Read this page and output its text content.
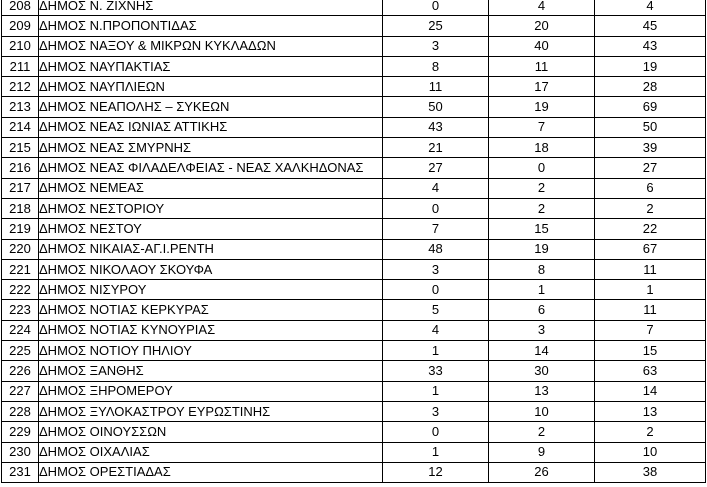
208	ΔΗΜΟΣ Ν. ΖΙΧΝΗΣ	0	4	4
209	ΔΗΜΟΣ Ν.ΠΡΟΠΟΝΤΙΔΑΣ	25	20	45
210	ΔΗΜΟΣ ΝΑΞΟΥ & ΜΙΚΡΩΝ ΚΥΚΛΑΔΩΝ	3	40	43
211	ΔΗΜΟΣ ΝΑΥΠΑΚΤΙΑΣ	8	11	19
212	ΔΗΜΟΣ ΝΑΥΠΛΙΕΩΝ	11	17	28
213	ΔΗΜΟΣ ΝΕΑΠΟΛΗΣ – ΣΥΚΕΩΝ	50	19	69
214	ΔΗΜΟΣ ΝΕΑΣ ΙΩΝΙΑΣ ΑΤΤΙΚΗΣ	43	7	50
215	ΔΗΜΟΣ ΝΕΑΣ ΣΜΥΡΝΗΣ	21	18	39
216	ΔΗΜΟΣ ΝΕΑΣ ΦΙΛΑΔΕΛΦΕΙΑΣ - ΝΕΑΣ ΧΑΛΚΗΔΟΝΑΣ	27	0	27
217	ΔΗΜΟΣ ΝΕΜΕΑΣ	4	2	6
218	ΔΗΜΟΣ ΝΕΣΤΟΡΙΟΥ	0	2	2
219	ΔΗΜΟΣ ΝΕΣΤΟΥ	7	15	22
220	ΔΗΜΟΣ ΝΙΚΑΙΑΣ-ΑΓ.Ι.ΡΕΝΤΗ	48	19	67
221	ΔΗΜΟΣ ΝΙΚΟΛΑΟΥ ΣΚΟΥΦΑ	3	8	11
222	ΔΗΜΟΣ ΝΙΣΥΡΟΥ	0	1	1
223	ΔΗΜΟΣ ΝΟΤΙΑΣ ΚΕΡΚΥΡΑΣ	5	6	11
224	ΔΗΜΟΣ ΝΟΤΙΑΣ ΚΥΝΟΥΡΙΑΣ	4	3	7
225	ΔΗΜΟΣ ΝΟΤΙΟΥ ΠΗΛΙΟΥ	1	14	15
226	ΔΗΜΟΣ ΞΑΝΘΗΣ	33	30	63
227	ΔΗΜΟΣ ΞΗΡΟΜΕΡΟΥ	1	13	14
228	ΔΗΜΟΣ ΞΥΛΟΚΑΣΤΡΟΥ ΕΥΡΩΣΤΙΝΗΣ	3	10	13
229	ΔΗΜΟΣ ΟΙΝΟΥΣΣΩΝ	0	2	2
230	ΔΗΜΟΣ ΟΙΧΑΛΙΑΣ	1	9	10
231	ΔΗΜΟΣ ΟΡΕΣΤΙΑΔΑΣ	12	26	38
